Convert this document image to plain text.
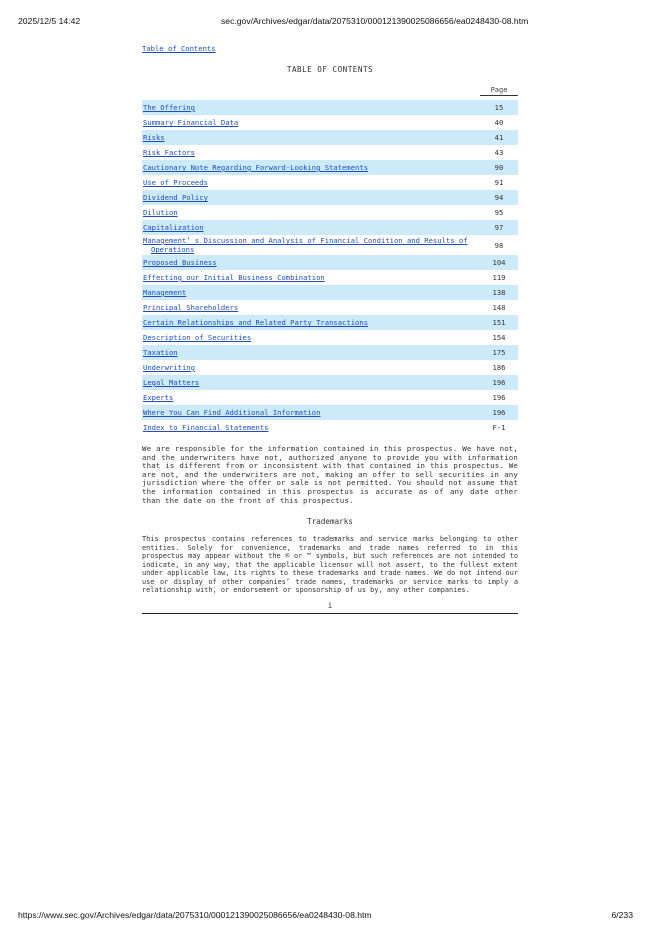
2025/12/5 14:42	sec.gov/Archives/edgar/data/2075310/000121390025086656/ea0248430-08.htm
Table of Contents
TABLE OF CONTENTS
	Page

The Offering	15
Summary Financial Data	40
Risks	41
Risk Factors	43
Cautionary Note Regarding Forward-Looking Statements	90
Use of Proceeds	91
Dividend Policy	94
Dilution	95
Capitalization	97
Management’ s Discussion and Analysis of Financial Condition and Results of
Operations	98
Proposed Business	104
Effecting our Initial Business Combination	119
Management	138
Principal Shareholders	148
Certain Relationships and Related Party Transactions	151
Description of Securities	154
Taxation	175
Underwriting	186
Legal Matters	196
Experts	196
Where You Can Find Additional Information	196
Index to Financial Statements	F-1
We are responsible for the information contained in this prospectus. We have not, and the underwriters have not, authorized anyone to provide you with information that is different from or inconsistent with that contained in this prospectus. We are not, and the underwriters are not, making an offer to sell securities in any jurisdiction where the offer or sale is not permitted. You should not assume that the information contained in this prospectus is accurate as of any date other than the date on the front of this prospectus.
Trademarks
This prospectus contains references to trademarks and service marks belonging to other entities. Solely for convenience, trademarks and trade names referred to in this prospectus may appear without the ® or ™ symbols, but such references are not intended to indicate, in any way, that the applicable licensor will not assert, to the fullest extent under applicable law, its rights to these trademarks and trade names. We do not intend our use or display of other companies’ trade names, trademarks or service marks to imply a relationship with, or endorsement or sponsorship of us by, any other companies.
i
https://www.sec.gov/Archives/edgar/data/2075310/000121390025086656/ea0248430-08.htm	6/233
